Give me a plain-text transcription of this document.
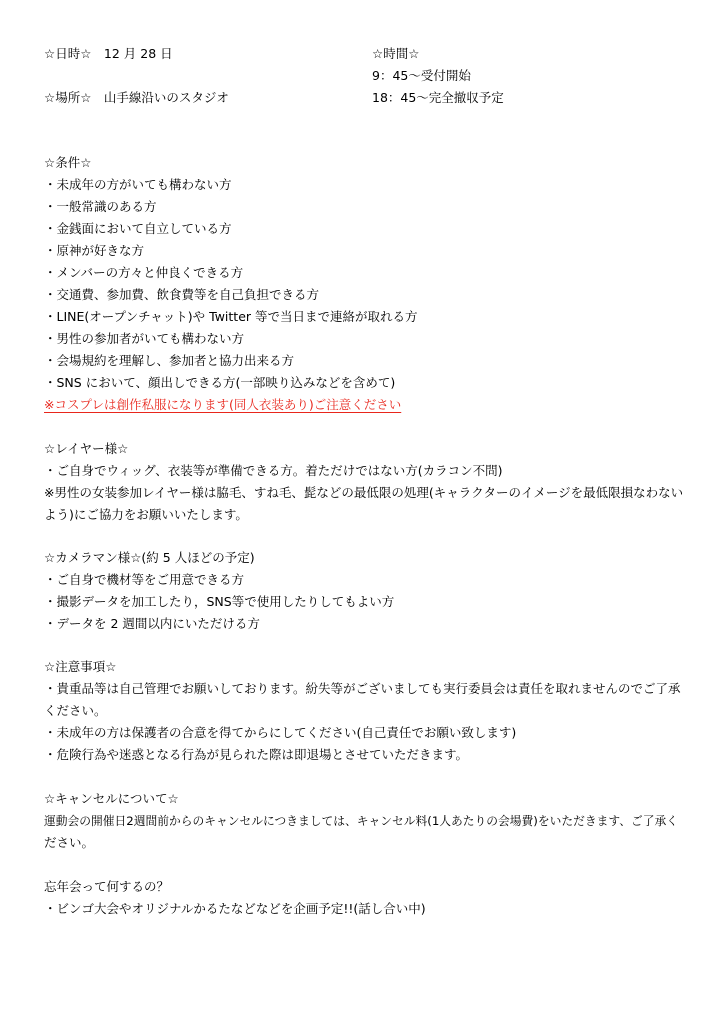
☆日時☆　12 月 28 日	☆時間☆
9：45～受付開始
☆場所☆　山手線沿いのスタジオ	18：45～完全撤収予定
☆条件☆
・未成年の方がいても構わない方
・一般常識のある方
・金銭面において自立している方
・原神が好きな方
・メンバーの方々と仲良くできる方
・交通費、参加費、飲食費等を自己負担できる方
・LINE(オープンチャット)や Twitter 等で当日まで連絡が取れる方
・男性の参加者がいても構わない方
・会場規約を理解し、参加者と協力出来る方
・SNS において、顔出しできる方(一部映り込みなどを含めて)
※コスプレは創作私服になります(同人衣装あり)ご注意ください
☆レイヤー様☆
・ご自身でウィッグ、衣装等が準備できる方。着ただけではない方(カラコン不問)
※男性の女装参加レイヤー様は脇毛、すね毛、髭などの最低限の処理(キャラクターのイメージを最低限損なわない
よう)にご協力をお願いいたします。
☆カメラマン様☆(約 5 人ほどの予定)
・ご自身で機材等をご用意できる方
・撮影データを加工したり，SNS等で使用したりしてもよい方
・データを 2 週間以内にいただける方
☆注意事項☆
・貴重品等は自己管理でお願いしております。紛失等がございましても実行委員会は責任を取れませんのでご了承
ください。
・未成年の方は保護者の合意を得てからにしてください(自己責任でお願い致します)
・危険行為や迷惑となる行為が見られた際は即退場とさせていただきます。
☆キャンセルについて☆
運動会の開催日2週間前からのキャンセルにつきましては、キャンセル料(1人あたりの会場費)をいただきます、ご了承く
ださい。
忘年会って何するの？
・ビンゴ大会やオリジナルかるたなどなどを企画予定!!(話し合い中)
